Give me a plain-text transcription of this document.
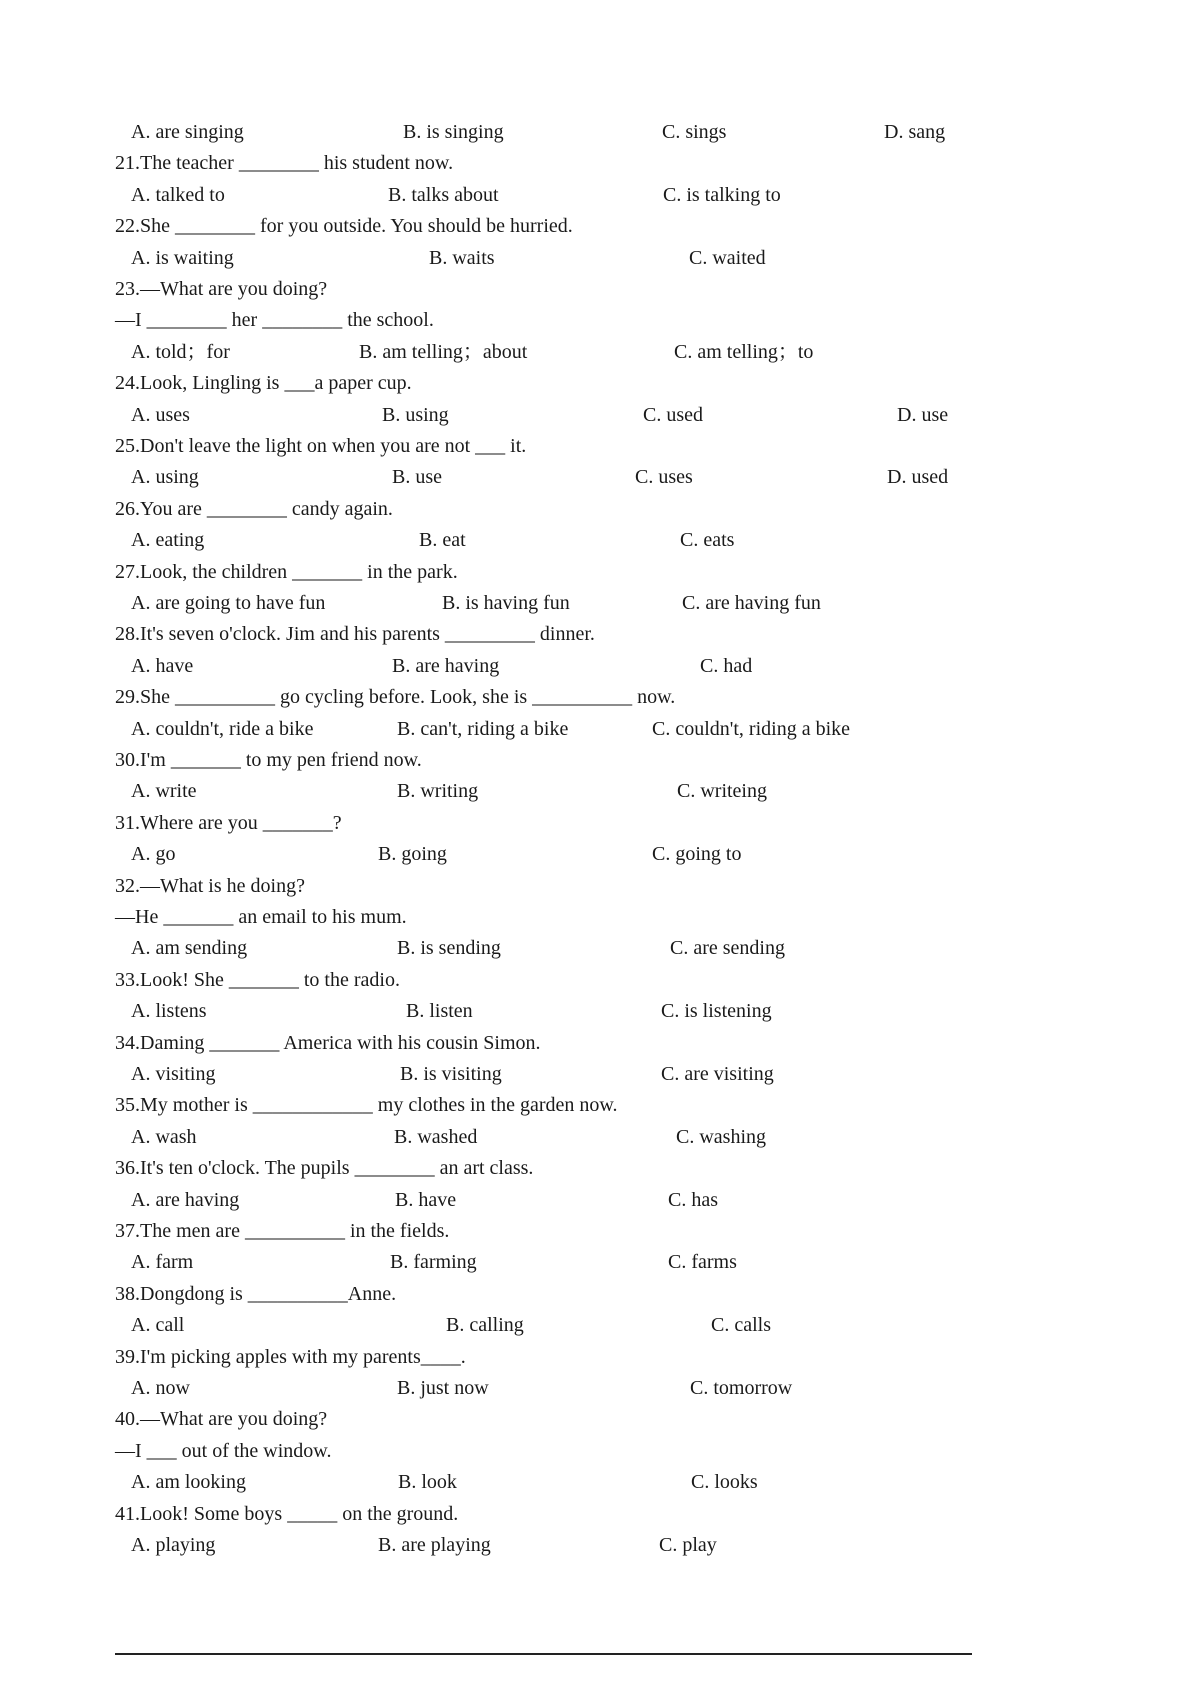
A. are singing	B. is singing	C. sings	D. sang
21.The teacher ________ his student now.
A. talked to	B. talks about	C. is talking to
22.She ________ for you outside. You should be hurried.
A. is waiting	B. waits	C. waited
23.—What are you doing?
—I ________ her ________ the school.
A. told；for	B. am telling；about	C. am telling；to
24.Look, Lingling is ___a paper cup.
A. uses	B. using	C. used	D. use
25.Don't leave the light on when you are not ___ it.
A. using	B. use	C. uses	D. used
26.You are ________ candy again.
A. eating	B. eat	C. eats
27.Look, the children _______ in the park.
A. are going to have fun	B. is having fun	C. are having fun
28.It's seven o'clock. Jim and his parents _________ dinner.
A. have	B. are having	C. had
29.She __________ go cycling before. Look, she is __________ now.
A. couldn't, ride a bike	B. can't, riding a bike	C. couldn't, riding a bike
30.I'm _______ to my pen friend now.
A. write	B. writing	C. writeing
31.Where are you _______?
A. go	B. going	C. going to
32.—What is he doing?
—He _______ an email to his mum.
A. am sending	B. is sending	C. are sending
33.Look! She _______ to the radio.
A. listens	B. listen	C. is listening
34.Daming _______ America with his cousin Simon.
A. visiting	B. is visiting	C. are visiting
35.My mother is ____________ my clothes in the garden now.
A. wash	B. washed	C. washing
36.It's ten o'clock. The pupils ________ an art class.
A. are having	B. have	C. has
37.The men are __________ in the fields.
A. farm	B. farming	C. farms
38.Dongdong is __________Anne.
A. call	B. calling	C. calls
39.I'm picking apples with my parents____.
A. now	B. just now	C. tomorrow
40.—What are you doing?
—I ___ out of the window.
A. am looking	B. look	C. looks
41.Look! Some boys _____ on the ground.
A. playing	B. are playing	C. play
